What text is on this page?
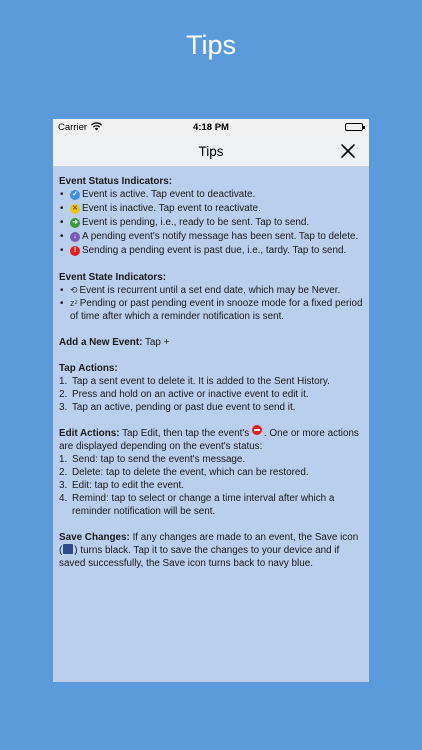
Tips
Carrier	4:18 PM
Tips
Event Status Indicators:
• ✓ Event is active. Tap event to deactivate.
• ✕ Event is inactive. Tap event to reactivate.
• ➜ Event is pending, i.e., ready to be sent. Tap to send.
• ↓ A pending event's notify message has been sent. Tap to delete.
• ! Sending a pending event is past due, i.e., tardy. Tap to send.
Event State Indicators:
• ⟲ Event is recurrent until a set end date, which may be Never.
• zᶻ Pending or past pending event in snooze mode for a fixed period of time after which a reminder notification is sent.
Add a New Event: Tap +
Tap Actions:
1. Tap a sent event to delete it. It is added to the Sent History.
2. Press and hold on an active or inactive event to edit it.
3. Tap an active, pending or past due event to send it.
Edit Actions: Tap Edit, then tap the event's . One or more actions are displayed depending on the event's status:
1. Send: tap to send the event's message.
2. Delete: tap to delete the event, which can be restored.
3. Edit: tap to edit the event.
4. Remind: tap to select or change a time interval after which a reminder notification will be sent.
Save Changes: If any changes are made to an event, the Save icon ( ) turns black. Tap it to save the changes to your device and if saved successfully, the Save icon turns back to navy blue.
